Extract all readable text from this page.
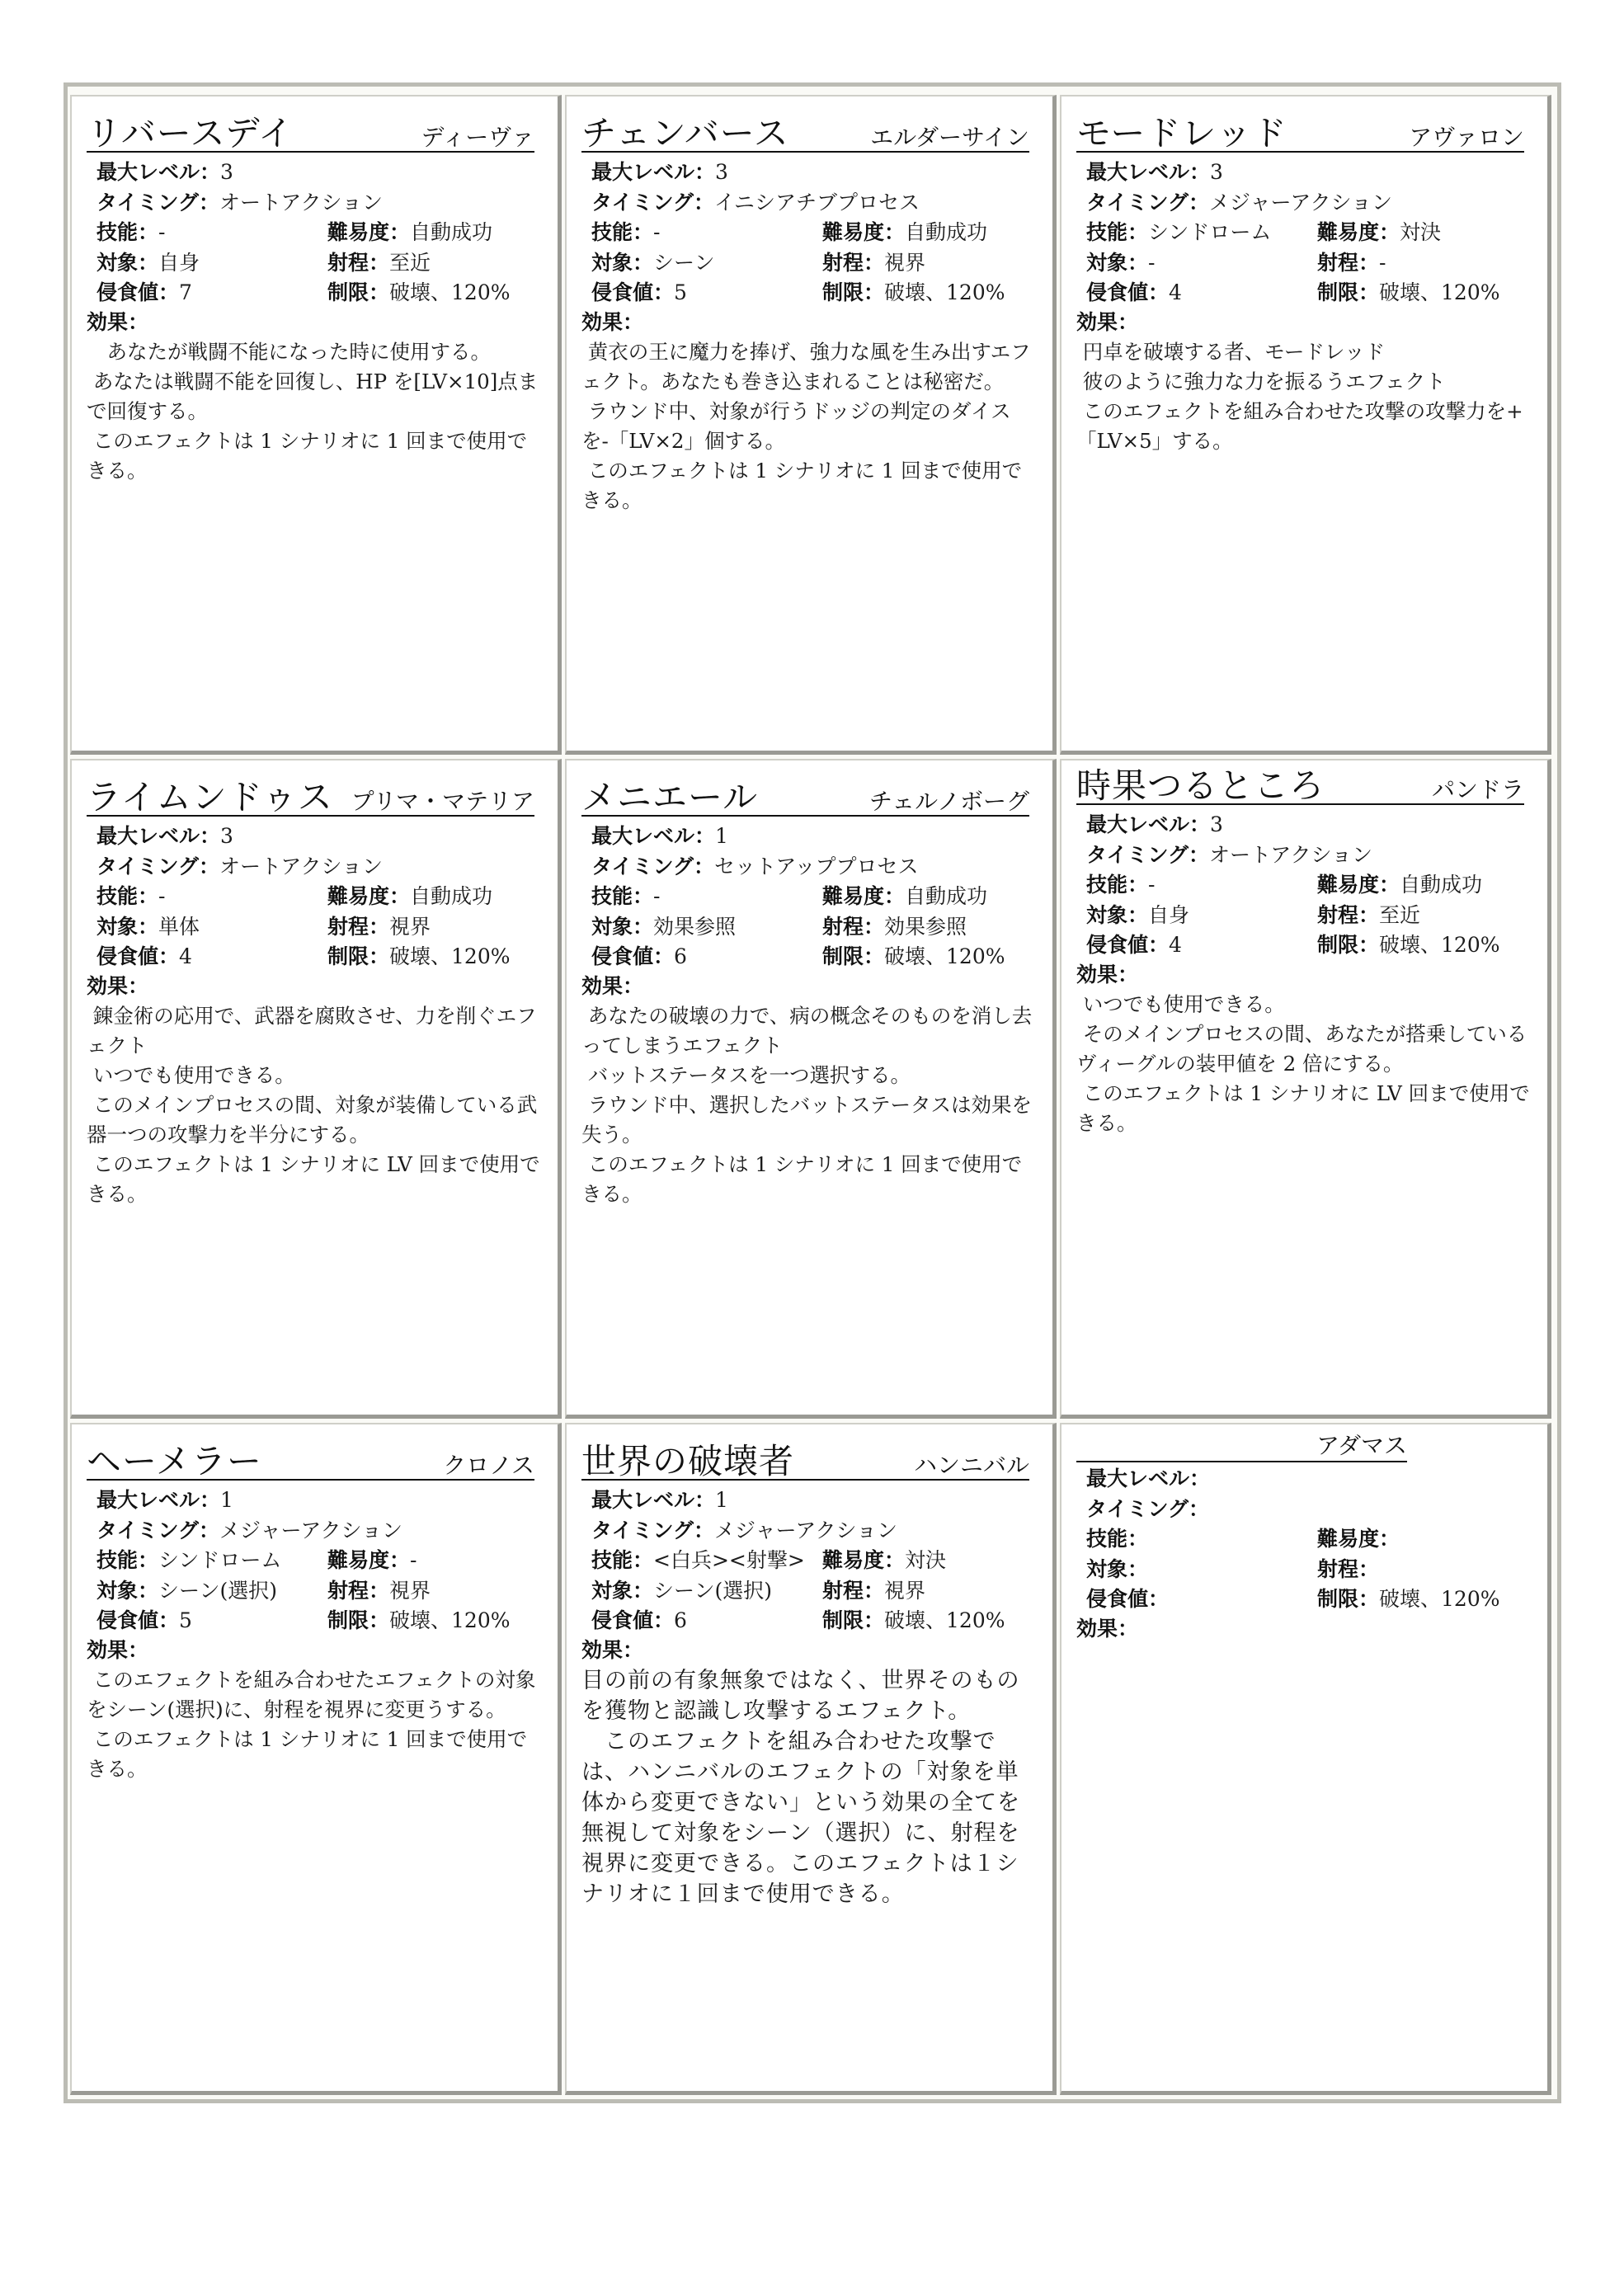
リバースデイ	ディーヴァ
最大レベル：3
タイミング：オートアクション
技能：-	難易度：自動成功
対象：自身	射程：至近
侵食値：7	制限：破壊、120%
効果：

　あなたが戦闘不能になった時に使用する。

あなたは戦闘不能を回復し、HP を[LV×10]点まで回復する。

このエフェクトは 1 シナリオに 1 回まで使用できる。

チェンバース	エルダーサイン
最大レベル：3
タイミング：イニシアチブプロセス
技能：-	難易度：自動成功
対象：シーン	射程：視界
侵食値：5	制限：破壊、120%
効果：

黄衣の王に魔力を捧げ、強力な風を生み出すエフェクト。あなたも巻き込まれることは秘密だ。

ラウンド中、対象が行うドッジの判定のダイスを-「LV×2」個する。

このエフェクトは 1 シナリオに 1 回まで使用できる。

モードレッド	アヴァロン
最大レベル：3
タイミング：メジャーアクション
技能：シンドローム 難易度：対決
対象：-	射程：-
侵食値：4	制限：破壊、120%
効果：

円卓を破壊する者、モードレッド

彼のように強力な力を振るうエフェクト

このエフェクトを組み合わせた攻撃の攻撃力を+「LV×5」する。

ライムンドゥス プリマ・マテリア
最大レベル：3
タイミング：オートアクション
技能：-	難易度：自動成功
対象：単体	射程：視界
侵食値：4	制限：破壊、120%
効果：

錬金術の応用で、武器を腐敗させ、力を削ぐエフェクト

いつでも使用できる。

このメインプロセスの間、対象が装備している武器一つの攻撃力を半分にする。

このエフェクトは 1 シナリオに LV 回まで使用できる。

メニエール	チェルノボーグ
最大レベル：1
タイミング：セットアッププロセス
技能：-	難易度：自動成功
対象：効果参照	射程：効果参照
侵食値：6	制限：破壊、120%
効果：

あなたの破壊の力で、病の概念そのものを消し去ってしまうエフェクト

バットステータスを一つ選択する。

ラウンド中、選択したバットステータスは効果を失う。

このエフェクトは 1 シナリオに 1 回まで使用できる。

時果つるところ	パンドラ
最大レベル：3
タイミング：オートアクション
技能：-	難易度：自動成功
対象：自身	射程：至近
侵食値：4	制限：破壊、120%
効果：

いつでも使用できる。

そのメインプロセスの間、あなたが搭乗しているヴィーグルの装甲値を 2 倍にする。

このエフェクトは 1 シナリオに LV 回まで使用できる。

ヘーメラー	クロノス
最大レベル：1
タイミング：メジャーアクション
技能：シンドローム 難易度：-
対象：シーン(選択) 射程：視界
侵食値：5	制限：破壊、120%
効果：

このエフェクトを組み合わせたエフェクトの対象をシーン(選択)に、射程を視界に変更うする。

このエフェクトは 1 シナリオに 1 回まで使用できる。

世界の破壊者	ハンニバル
最大レベル：1
タイミング：メジャーアクション
技能：<白兵><射撃> 難易度：対決
対象：シーン(選択) 射程：視界
侵食値：6	制限：破壊、120%
効果：

目の前の有象無象ではなく、世界そのものを獲物と認識し攻撃するエフェクト。

　このエフェクトを組み合わせた攻撃では、ハンニバルのエフェクトの「対象を単体から変更できない」という効果の全てを無視して対象をシーン（選択）に、射程を視界に変更できる。このエフェクトは１シナリオに１回まで使用できる。

アダマス
最大レベル：
タイミング：
技能：	難易度：
対象：	射程：
侵食値：	制限：破壊、120%
効果：
